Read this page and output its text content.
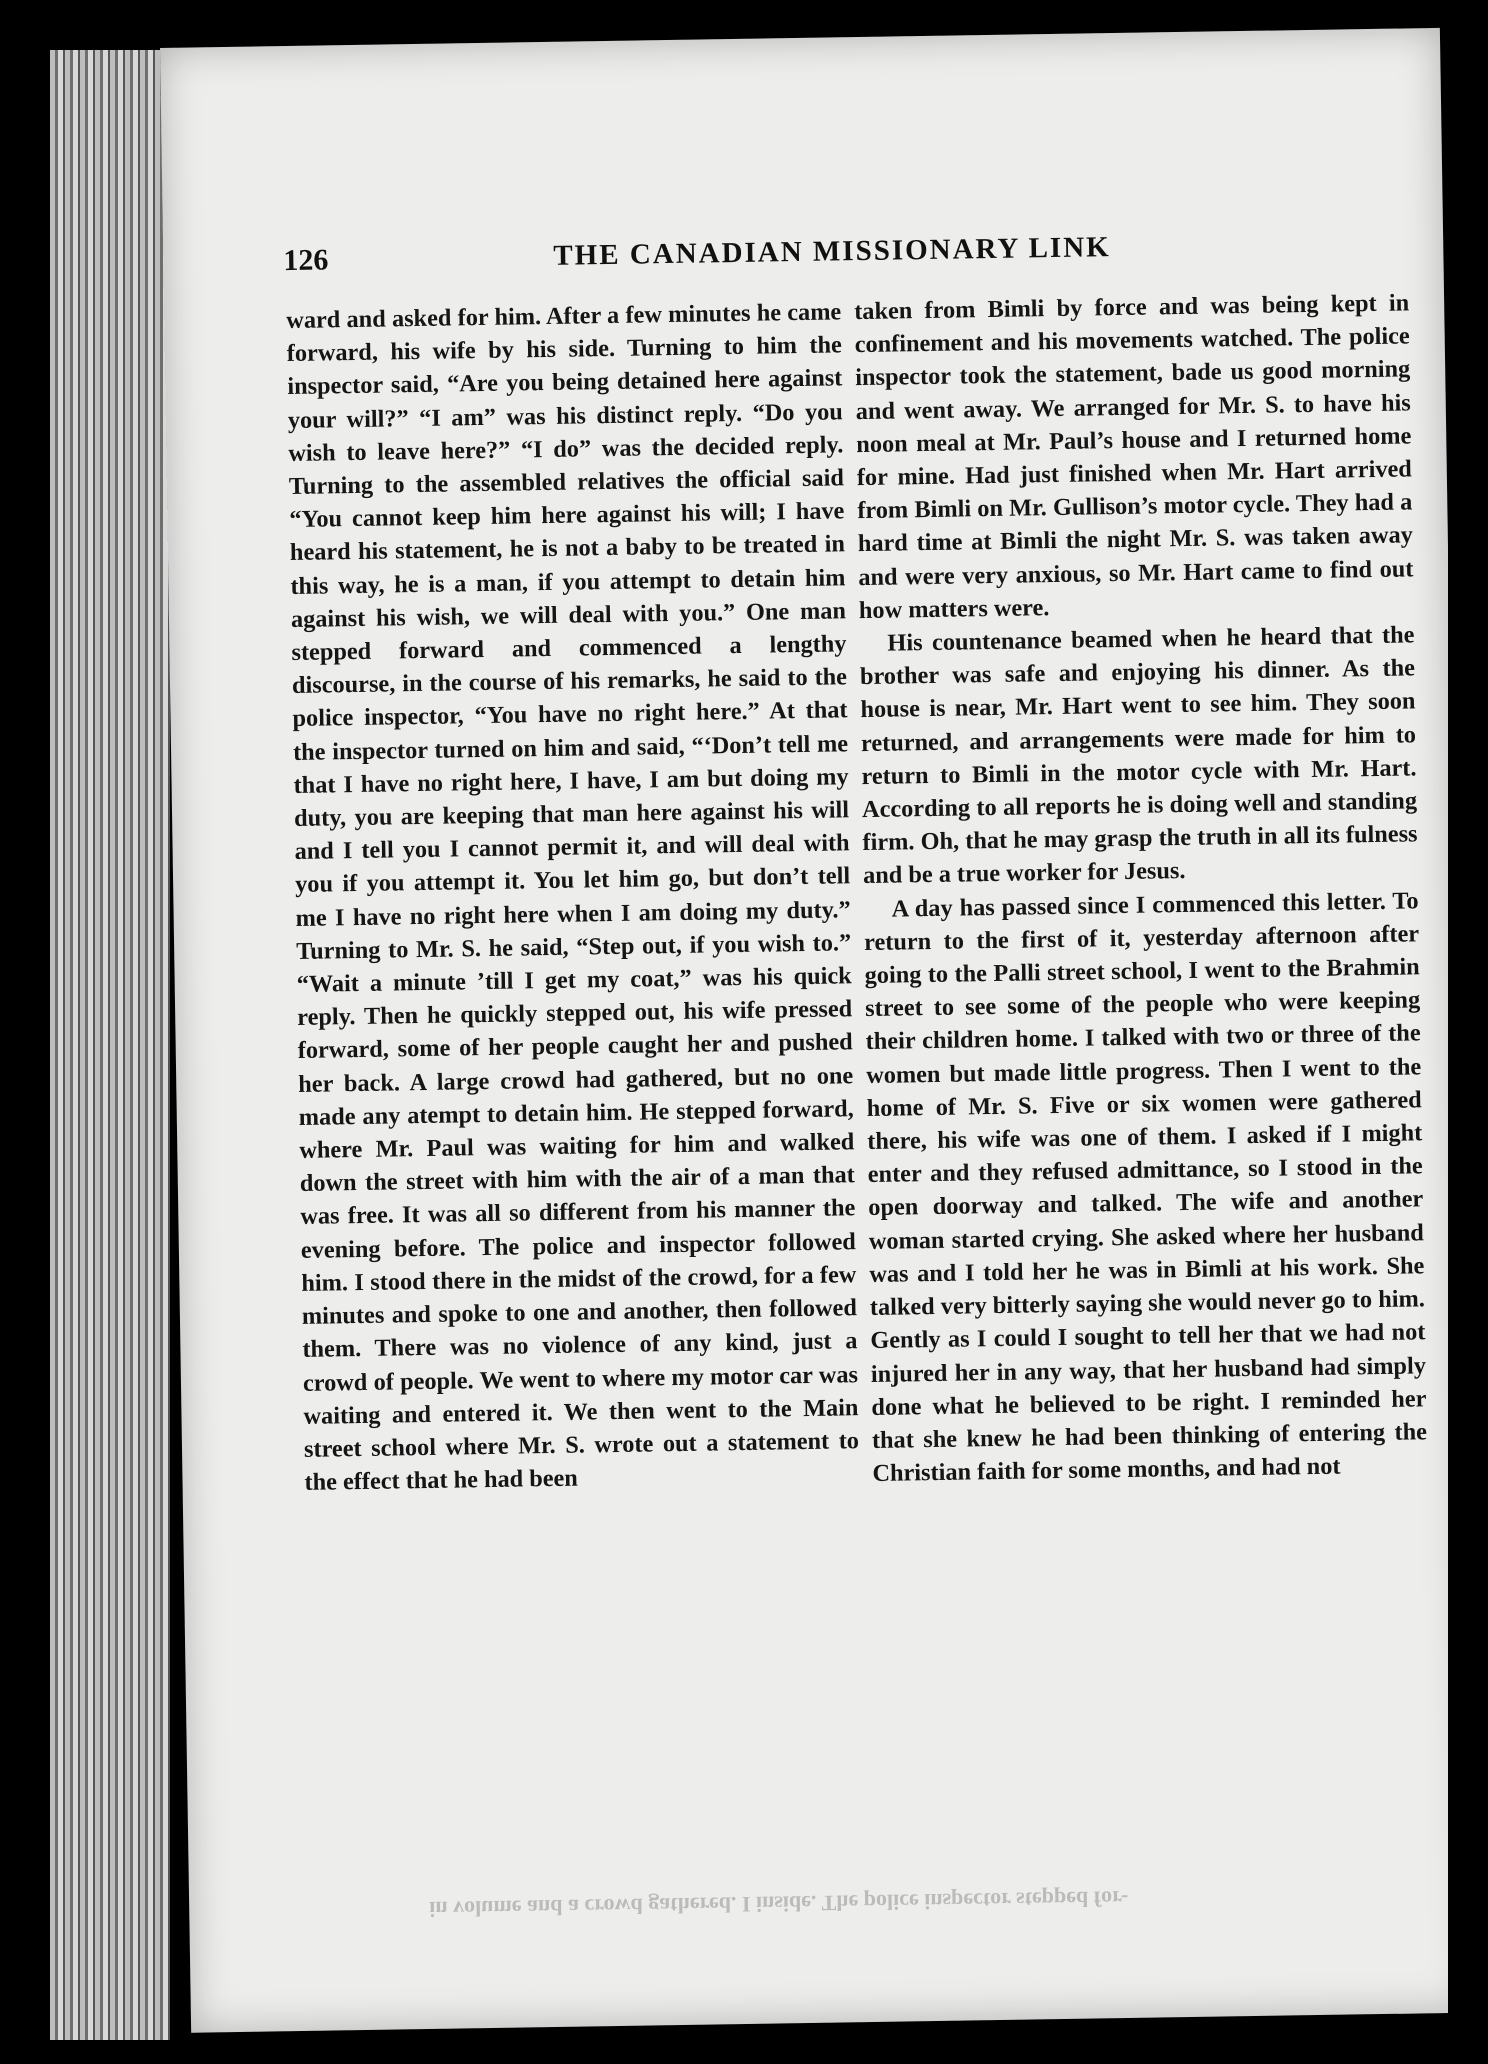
126	THE CANADIAN MISSIONARY LINK

ward and asked for him. After a few minutes he came forward, his wife by his side. Turning to him the inspector said, “Are you being detained here against your will?” “I am” was his distinct reply. “Do you wish to leave here?” “I do” was the decided reply. Turning to the assembled relatives the official said “You cannot keep him here against his will; I have heard his statement, he is not a baby to be treated in this way, he is a man, if you attempt to detain him against his wish, we will deal with you.” One man stepped forward and commenced a lengthy discourse, in the course of his remarks, he said to the police inspector, “You have no right here.” At that the inspector turned on him and said, “‘Don’t tell me that I have no right here, I have, I am but doing my duty, you are keeping that man here against his will and I tell you I cannot permit it, and will deal with you if you attempt it. You let him go, but don’t tell me I have no right here when I am doing my duty.” Turning to Mr. S. he said, “Step out, if you wish to.” “Wait a minute ’till I get my coat,” was his quick reply. Then he quickly stepped out, his wife pressed forward, some of her people caught her and pushed her back. A large crowd had gathered, but no one made any atempt to detain him. He stepped forward, where Mr. Paul was waiting for him and walked down the street with him with the air of a man that was free. It was all so different from his manner the evening before. The police and inspector followed him. I stood there in the midst of the crowd, for a few minutes and spoke to one and another, then followed them. There was no violence of any kind, just a crowd of people. We went to where my motor car was waiting and entered it. We then went to the Main street school where Mr. S. wrote out a statement to the effect that he had been

taken from Bimli by force and was being kept in confinement and his movements watched. The police inspector took the statement, bade us good morning and went away. We arranged for Mr. S. to have his noon meal at Mr. Paul’s house and I returned home for mine. Had just finished when Mr. Hart arrived from Bimli on Mr. Gullison’s motor cycle. They had a hard time at Bimli the night Mr. S. was taken away and were very anxious, so Mr. Hart came to find out how matters were.

His countenance beamed when he heard that the brother was safe and enjoying his dinner. As the house is near, Mr. Hart went to see him. They soon returned, and arrangements were made for him to return to Bimli in the motor cycle with Mr. Hart. According to all reports he is doing well and standing firm. Oh, that he may grasp the truth in all its fulness and be a true worker for Jesus.

A day has passed since I commenced this letter. To return to the first of it, yesterday afternoon after going to the Palli street school, I went to the Brahmin street to see some of the people who were keeping their children home. I talked with two or three of the women but made little progress. Then I went to the home of Mr. S. Five or six women were gathered there, his wife was one of them. I asked if I might enter and they refused admittance, so I stood in the open doorway and talked. The wife and another woman started crying. She asked where her husband was and I told her he was in Bimli at his work. She talked very bitterly saying she would never go to him. Gently as I could I sought to tell her that we had not injured her in any way, that her husband had simply done what he believed to be right. I reminded her that she knew he had been thinking of entering the Christian faith for some months, and had not

in volume and a crowd gathered. I inside. The police inspector stepped for-
